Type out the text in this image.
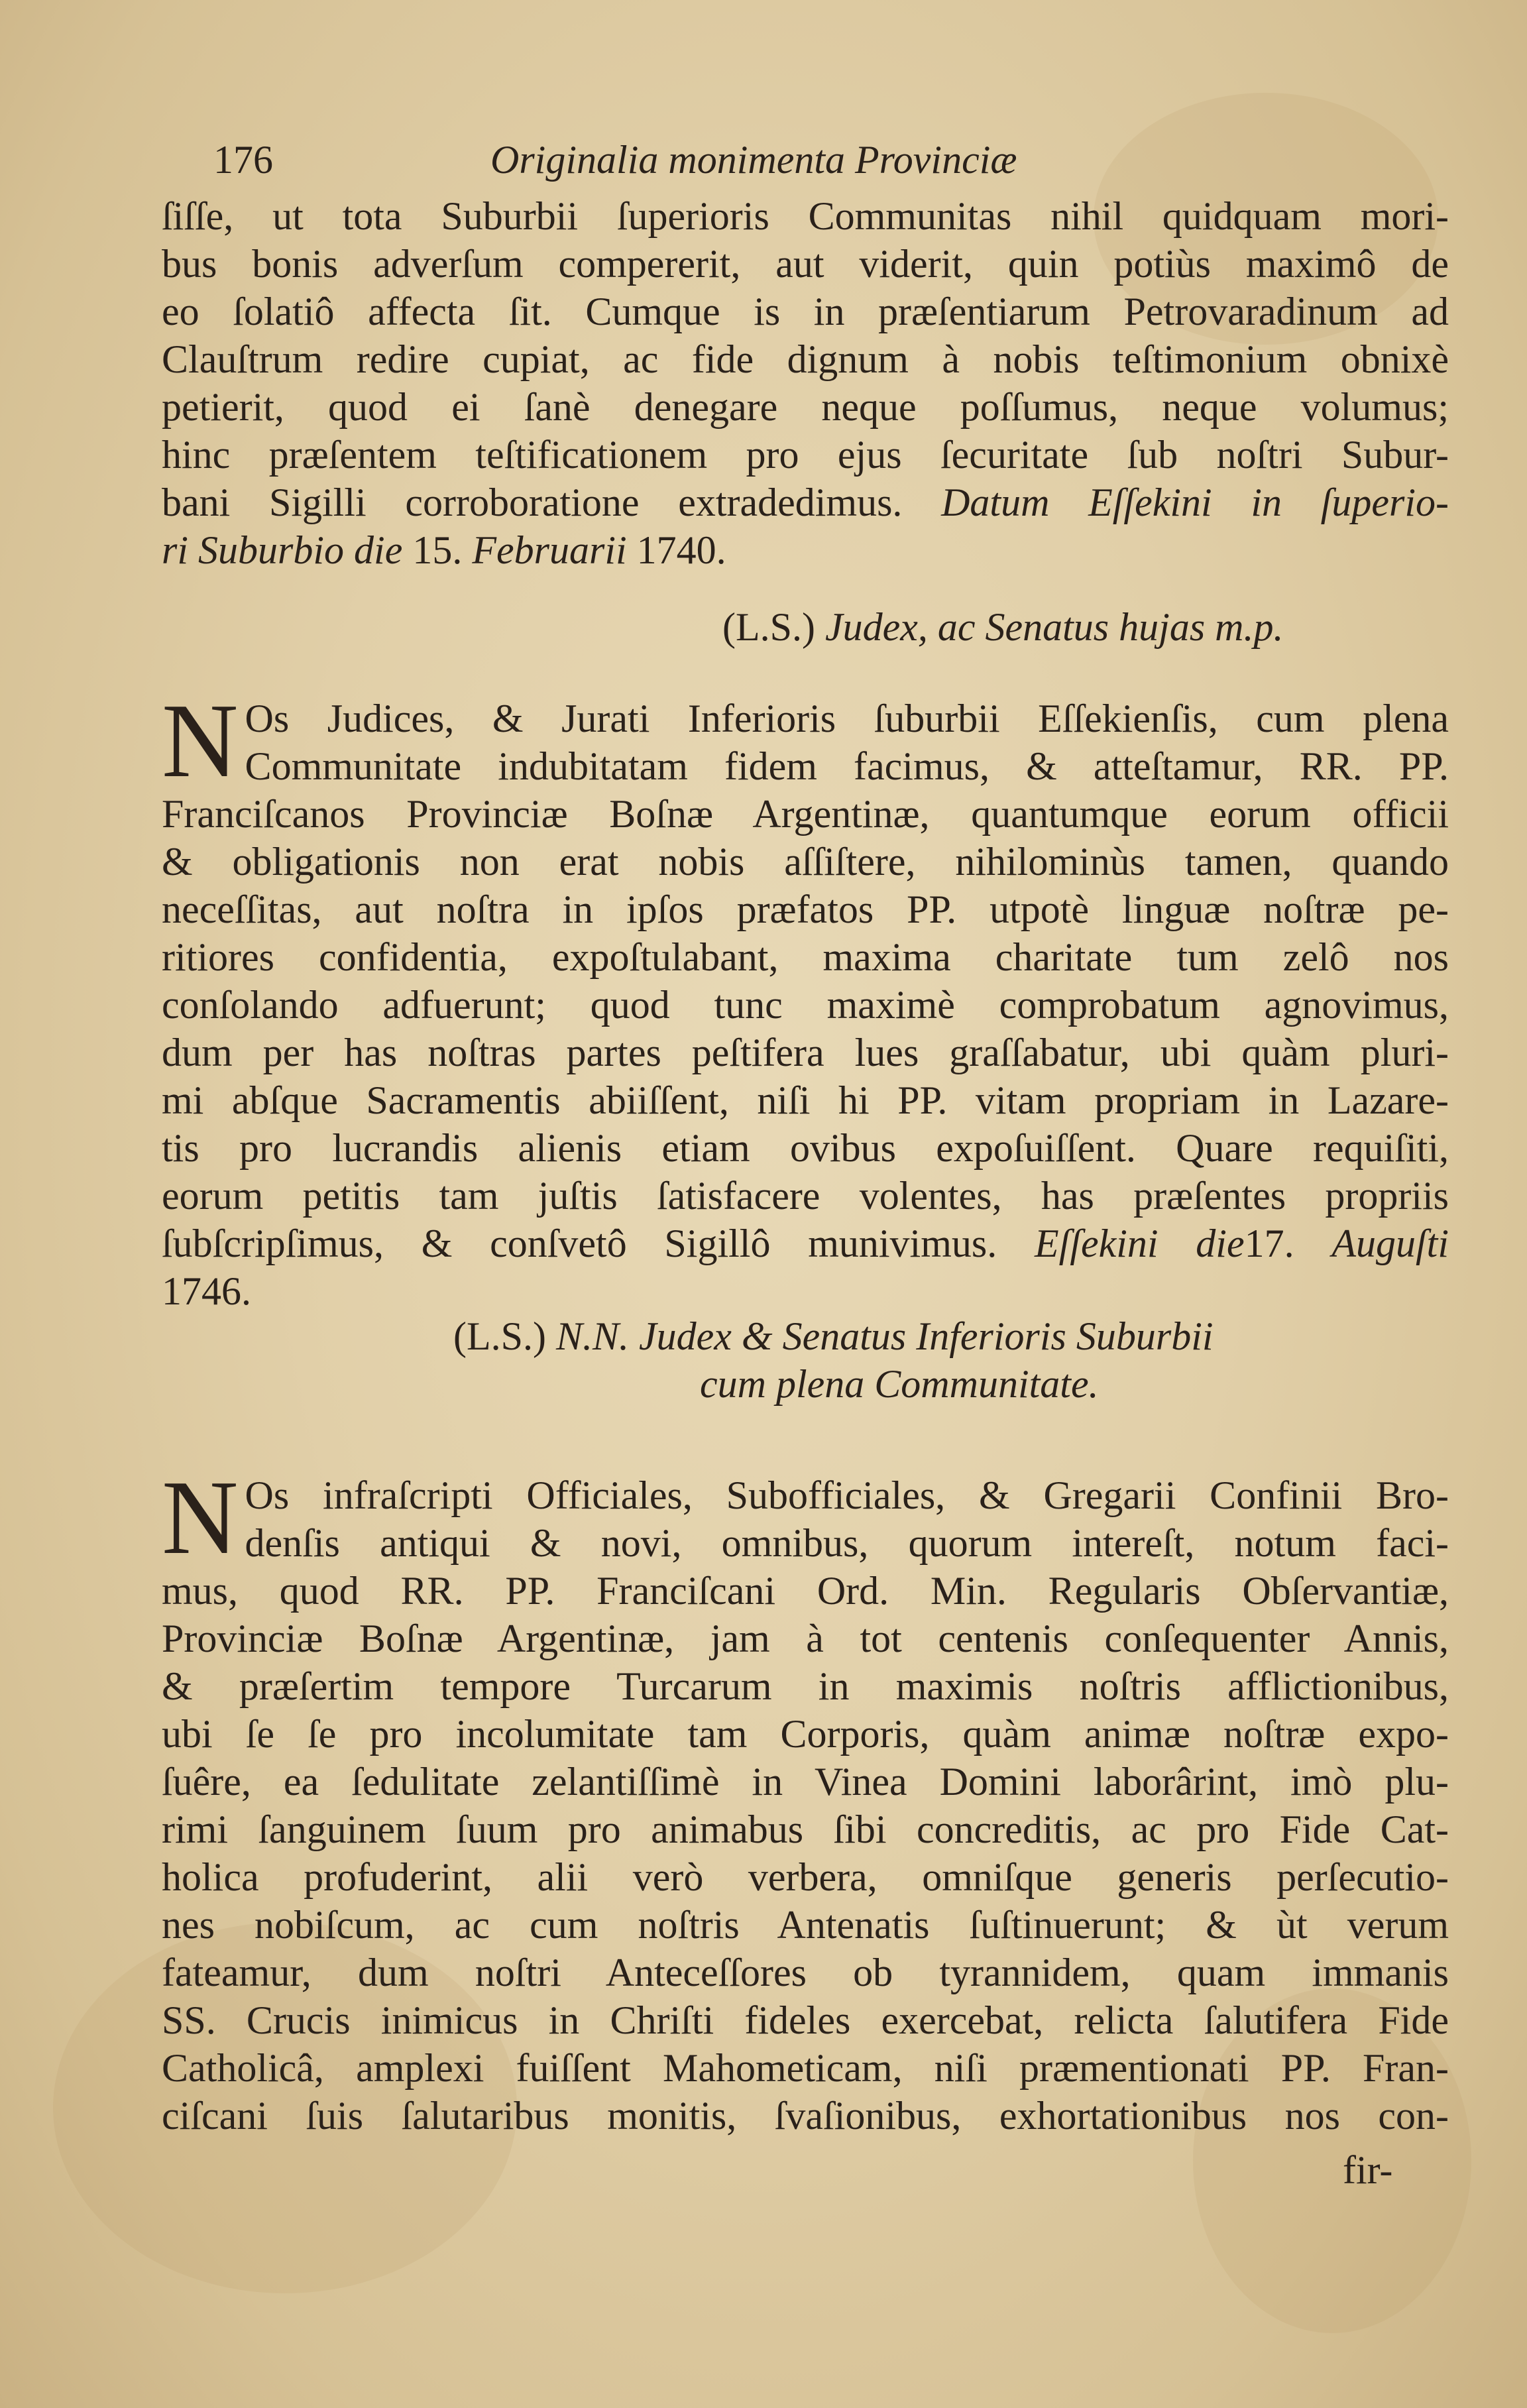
176	Originalia monimenta Provinciæ
ſiſſe, ut tota Suburbii ſuperioris Communitas nihil quidquam mori-
bus bonis adverſum compererit, aut viderit, quin potiùs maximô de
eo ſolatiô affecta ſit. Cumque is in præſentiarum Petrovaradinum ad
Clauſtrum redire cupiat, ac fide dignum à nobis teſtimonium obnixè
petierit, quod ei ſanè denegare neque poſſumus, neque volumus;
hinc præſentem teſtificationem pro ejus ſecuritate ſub noſtri Subur-
bani Sigilli corroboratione extradedimus. Datum Eſſekini in ſuperio-
ri Suburbio die 15. Februarii 1740.
(L.S.) Judex, ac Senatus hujas m.p.
N Os Judices, & Jurati Inferioris ſuburbii Eſſekienſis, cum plena
Communitate indubitatam fidem facimus, & atteſtamur, RR. PP.
Franciſcanos Provinciæ Boſnæ Argentinæ, quantumque eorum officii
& obligationis non erat nobis aſſiſtere, nihilominùs tamen, quando
neceſſitas, aut noſtra in ipſos præfatos PP. utpotè linguæ noſtræ pe-
ritiores confidentia, expoſtulabant, maxima charitate tum zelô nos
conſolando adfuerunt; quod tunc maximè comprobatum agnovimus,
dum per has noſtras partes peſtifera lues graſſabatur, ubi quàm pluri-
mi abſque Sacramentis abiiſſent, niſi hi PP. vitam propriam in Lazare-
tis pro lucrandis alienis etiam ovibus expoſuiſſent. Quare requiſiti,
eorum petitis tam juſtis ſatisfacere volentes, has præſentes propriis
ſubſcripſimus, & conſvetô Sigillô munivimus. Eſſekini die17. Auguſti
1746.
(L.S.) N.N. Judex & Senatus Inferioris Suburbii
cum plena Communitate.
N Os infraſcripti Officiales, Subofficiales, & Gregarii Confinii Bro-
denſis antiqui & novi, omnibus, quorum intereſt, notum faci-
mus, quod RR. PP. Franciſcani Ord. Min. Regularis Obſervantiæ,
Provinciæ Boſnæ Argentinæ, jam à tot centenis conſequenter Annis,
& præſertim tempore Turcarum in maximis noſtris afflictionibus,
ubi ſe ſe pro incolumitate tam Corporis, quàm animæ noſtræ expo-
ſuêre, ea ſedulitate zelantiſſimè in Vinea Domini laborârint, imò plu-
rimi ſanguinem ſuum pro animabus ſibi concreditis, ac pro Fide Cat-
holica profuderint, alii verò verbera, omniſque generis perſecutio-
nes nobiſcum, ac cum noſtris Antenatis ſuſtinuerunt; & ùt verum
fateamur, dum noſtri Anteceſſores ob tyrannidem, quam immanis
SS. Crucis inimicus in Chriſti fideles exercebat, relicta ſalutifera Fide
Catholicâ, amplexi fuiſſent Mahometicam, niſi præmentionati PP. Fran-
ciſcani ſuis ſalutaribus monitis, ſvaſionibus, exhortationibus nos con-
fir-
